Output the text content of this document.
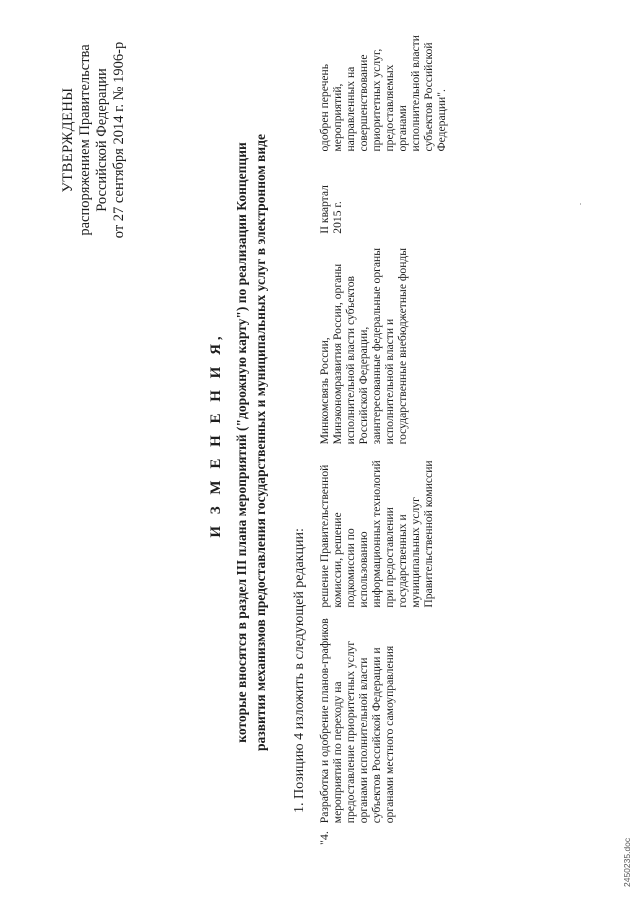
УТВЕРЖДЕНЫ распоряжением Правительства Российской Федерации от 27 сентября 2014 г. № 1906-р
И З М Е Н Е Н И Я, которые вносятся в раздел III плана мероприятий ("дорожную карту") по реализации Концепции развития механизмов предоставления государственных и муниципальных услуг в электронном виде 1. Позицию 4 изложить в следующей редакции:
"4.
Разработка и одобрение планов-графиков мероприятий по переходу на предоставление приоритетных услуг органами исполнительной власти субъектов Российской Федерации и органами местного самоуправления
решение Правительственной комиссии, решение подкомиссии по использованию информационных технологий при предоставлении государственных и муниципальных услуг Правительственной комиссии
Минкомсвязь России, Минэкономразвития России, органы исполнительной власти субъектов Российской Федерации, заинтересованные федеральные органы исполнительной власти и государственные внебюджетные фонды
II квартал 2015 г.
одобрен перечень мероприятий, направленных на совершенствование приоритетных услуг, предоставляемых органами исполнительной власти субъектов Российской Федерации".
2450235.doc
